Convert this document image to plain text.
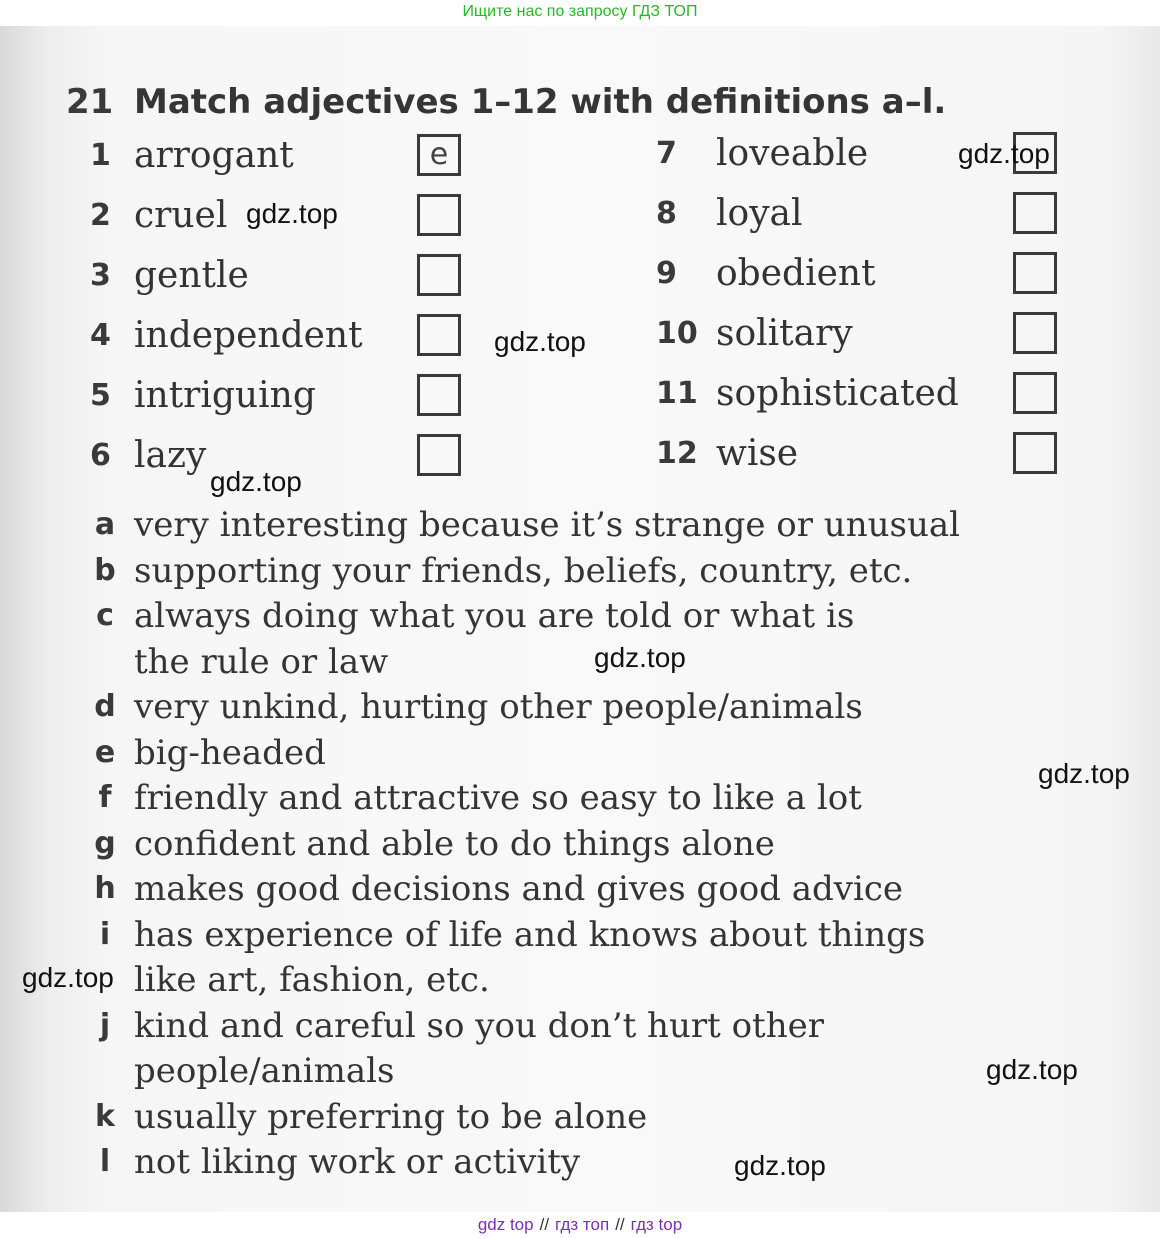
Ищите нас по запросу ГДЗ ТОП
21 Match adjectives 1–12 with definitions a–l.
1 arrogant	e
2 cruel
3 gentle
4 independent
5 intriguing
6 lazy
7	loveable
8	loyal
9	obedient
10 solitary
11 sophisticated
12 wise
a very interesting because it’s strange or unusual
b supporting your friends, beliefs, country, etc.
c always doing what you are told or what is
the rule or law
d very unkind, hurting other people/animals
e big-headed
f friendly and attractive so easy to like a lot
g confident and able to do things alone
h makes good decisions and gives good advice
i has experience of life and knows about things
like art, fashion, etc.
j kind and careful so you don’t hurt other
people/animals
k usually preferring to be alone
l not liking work or activity
gdz.top
gdz.top
gdz.top
gdz.top
gdz.top
gdz.top
gdz.top
gdz.top
gdz.top
gdz top // гдз топ // гдз top
